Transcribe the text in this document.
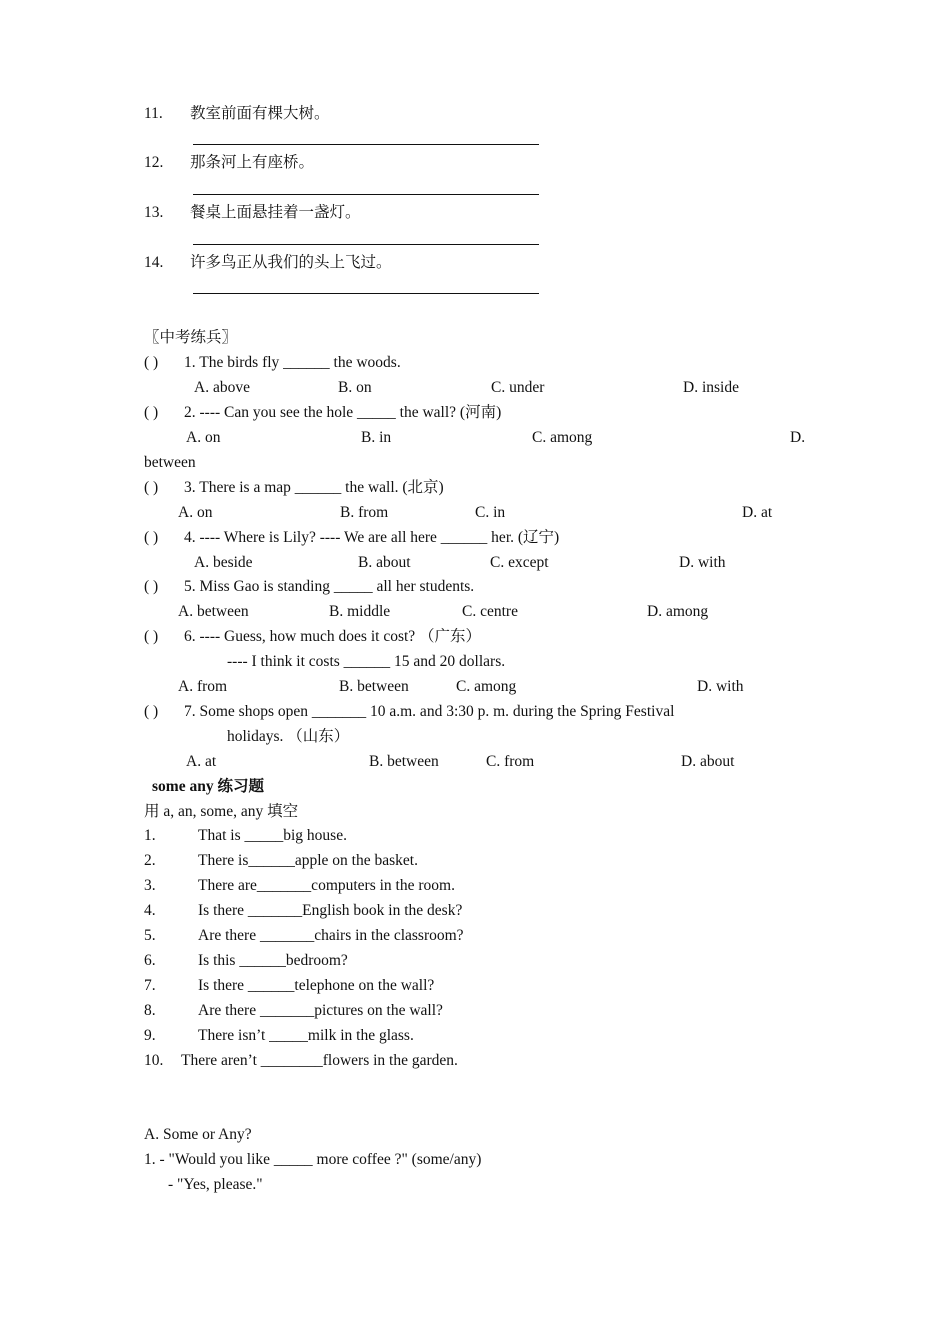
11. 教室前面有棵大树。
12. 那条河上有座桥。
13. 餐桌上面悬挂着一盏灯。
14. 许多鸟正从我们的头上飞过。
〖中考练兵〗
( ) 1. The birds fly ______ the woods.
A. above	B. on	C. under	D. inside
( ) 2. ---- Can you see the hole _____ the wall? (河南)
A. on	B. in	C. among	D.
between
( ) 3. There is a map ______ the wall. (北京)
A. on	B. from	C. in	D. at
( ) 4. ---- Where is Lily? ---- We are all here ______ her. (辽宁)
A. beside	B. about	C. except	D. with
( ) 5. Miss Gao is standing _____ all her students.
A. between	B. middle	C. centre	D. among
( ) 6. ---- Guess, how much does it cost? （广东）
---- I think it costs ______ 15 and 20 dollars.
A. from	B. between	C. among	D. with
( ) 7. Some shops open _______ 10 a.m. and 3:30 p. m. during the Spring Festival
holidays. （山东）
A. at	B. between	C. from	D. about
some any 练习题
用 a, an, some, any 填空
1.	That is _____big house.
2.	There is______apple on the basket.
3.	There are_______computers in the room.
4.	Is there _______English book in the desk?
5.	Are there _______chairs in the classroom?
6.	Is this ______bedroom?
7.	Is there ______telephone on the wall?
8.	Are there _______pictures on the wall?
9.	There isn’t _____milk in the glass.
10. There aren’t ________flowers in the garden.
A. Some or Any?
1. - "Would you like _____ more coffee ?" (some/any)
- "Yes, please."
